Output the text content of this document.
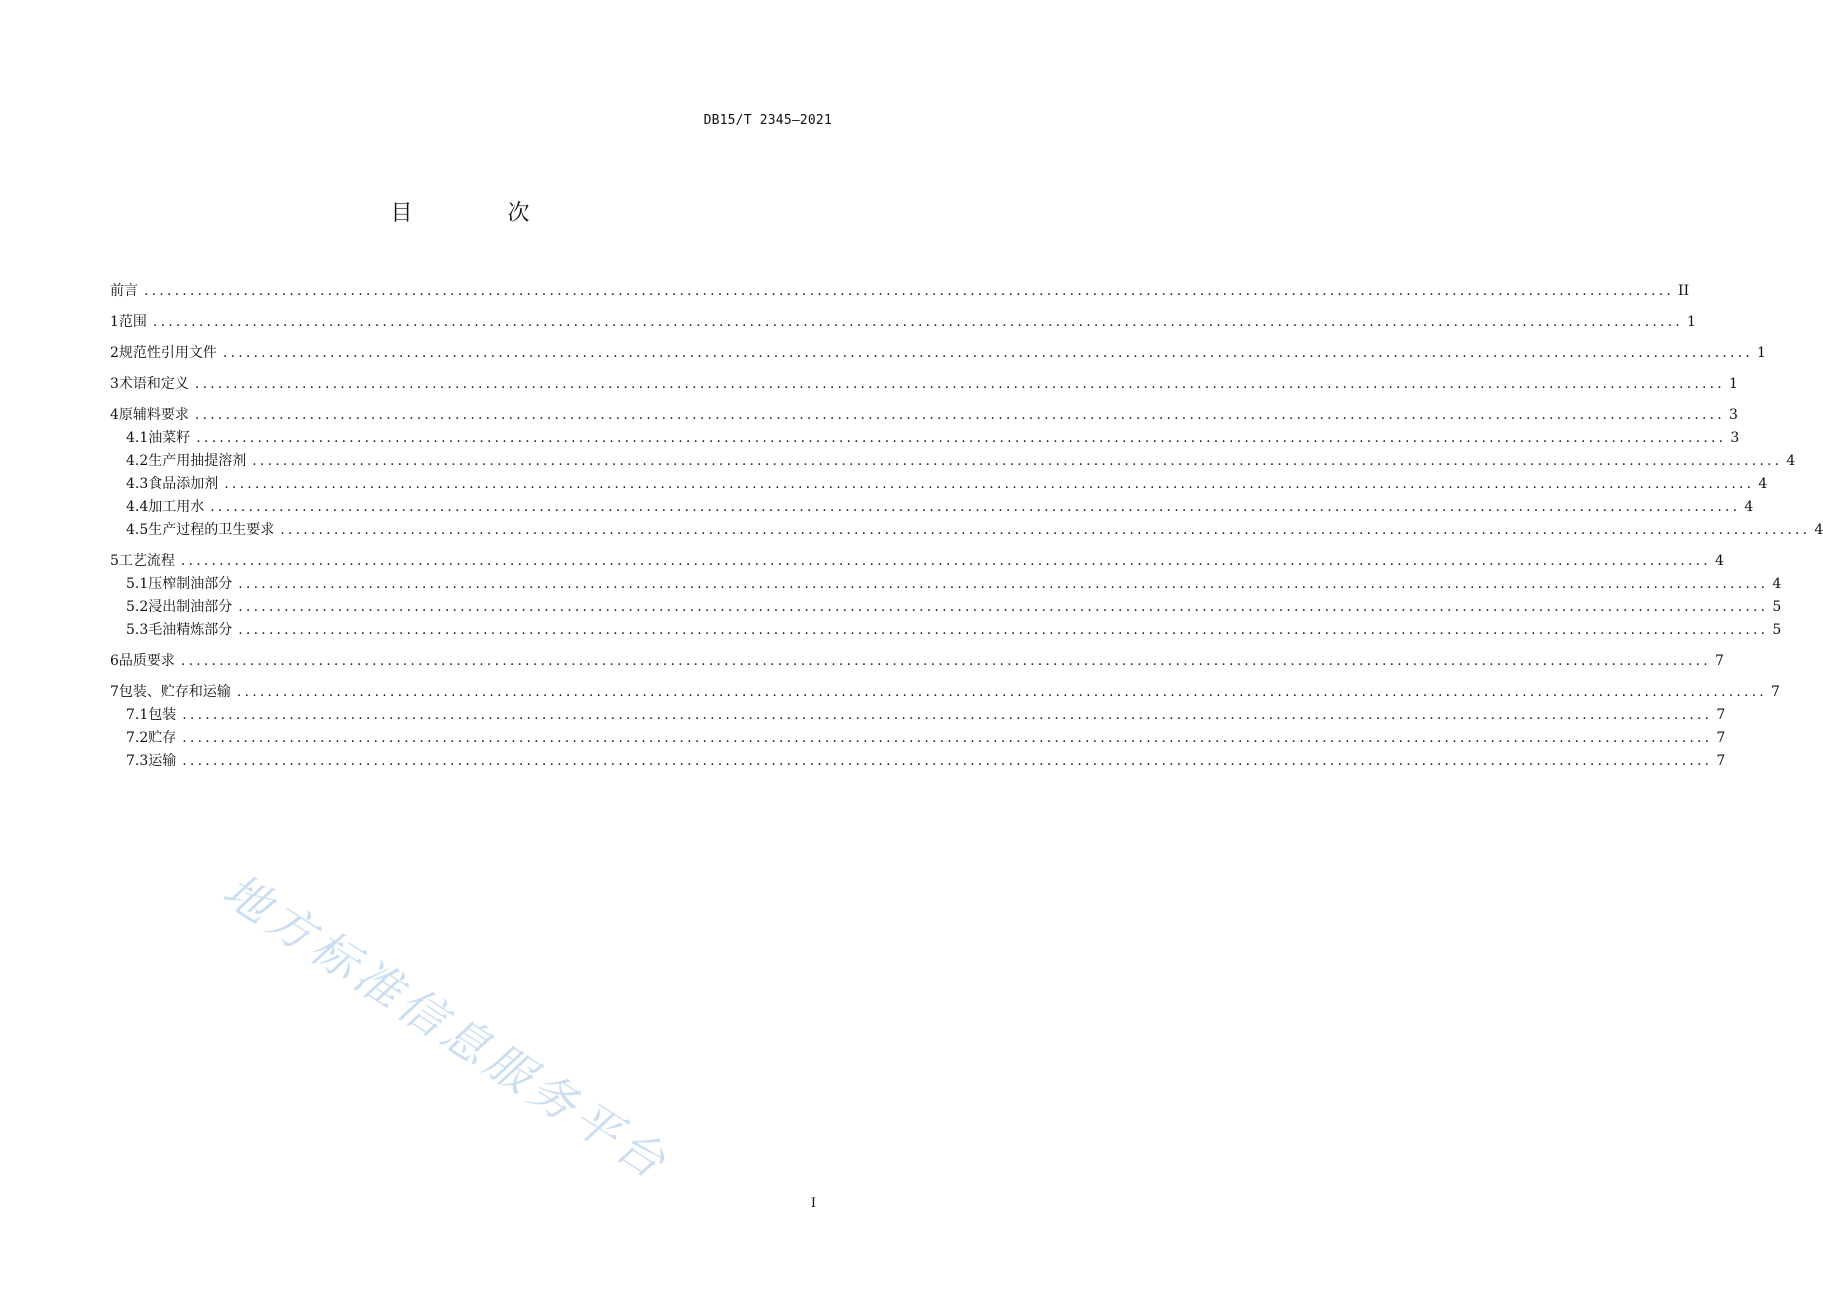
DB15/T 2345—2021
目 次
前言 ........................................................................................................................................................................................................ II
1 范围 ........................................................................................................................................................................................................ 1
2 规范性引用文件 ........................................................................................................................................................................................................ 1
3 术语和定义 ........................................................................................................................................................................................................ 1
4 原辅料要求 ........................................................................................................................................................................................................ 3
4.1 油菜籽 ........................................................................................................................................................................................................ 3
4.2 生产用抽提溶剂 ........................................................................................................................................................................................................ 4
4.3 食品添加剂 ........................................................................................................................................................................................................ 4
4.4 加工用水 ........................................................................................................................................................................................................ 4
4.5 生产过程的卫生要求 ........................................................................................................................................................................................................ 4
5 工艺流程 ........................................................................................................................................................................................................ 4
5.1 压榨制油部分 ........................................................................................................................................................................................................ 4
5.2 浸出制油部分 ........................................................................................................................................................................................................ 5
5.3 毛油精炼部分 ........................................................................................................................................................................................................ 5
6 品质要求 ........................................................................................................................................................................................................ 7
7 包装、贮存和运输 ........................................................................................................................................................................................................ 7
7.1 包装 ........................................................................................................................................................................................................ 7
7.2 贮存 ........................................................................................................................................................................................................ 7
7.3 运输 ........................................................................................................................................................................................................ 7
地方标准信息服务平台
I
